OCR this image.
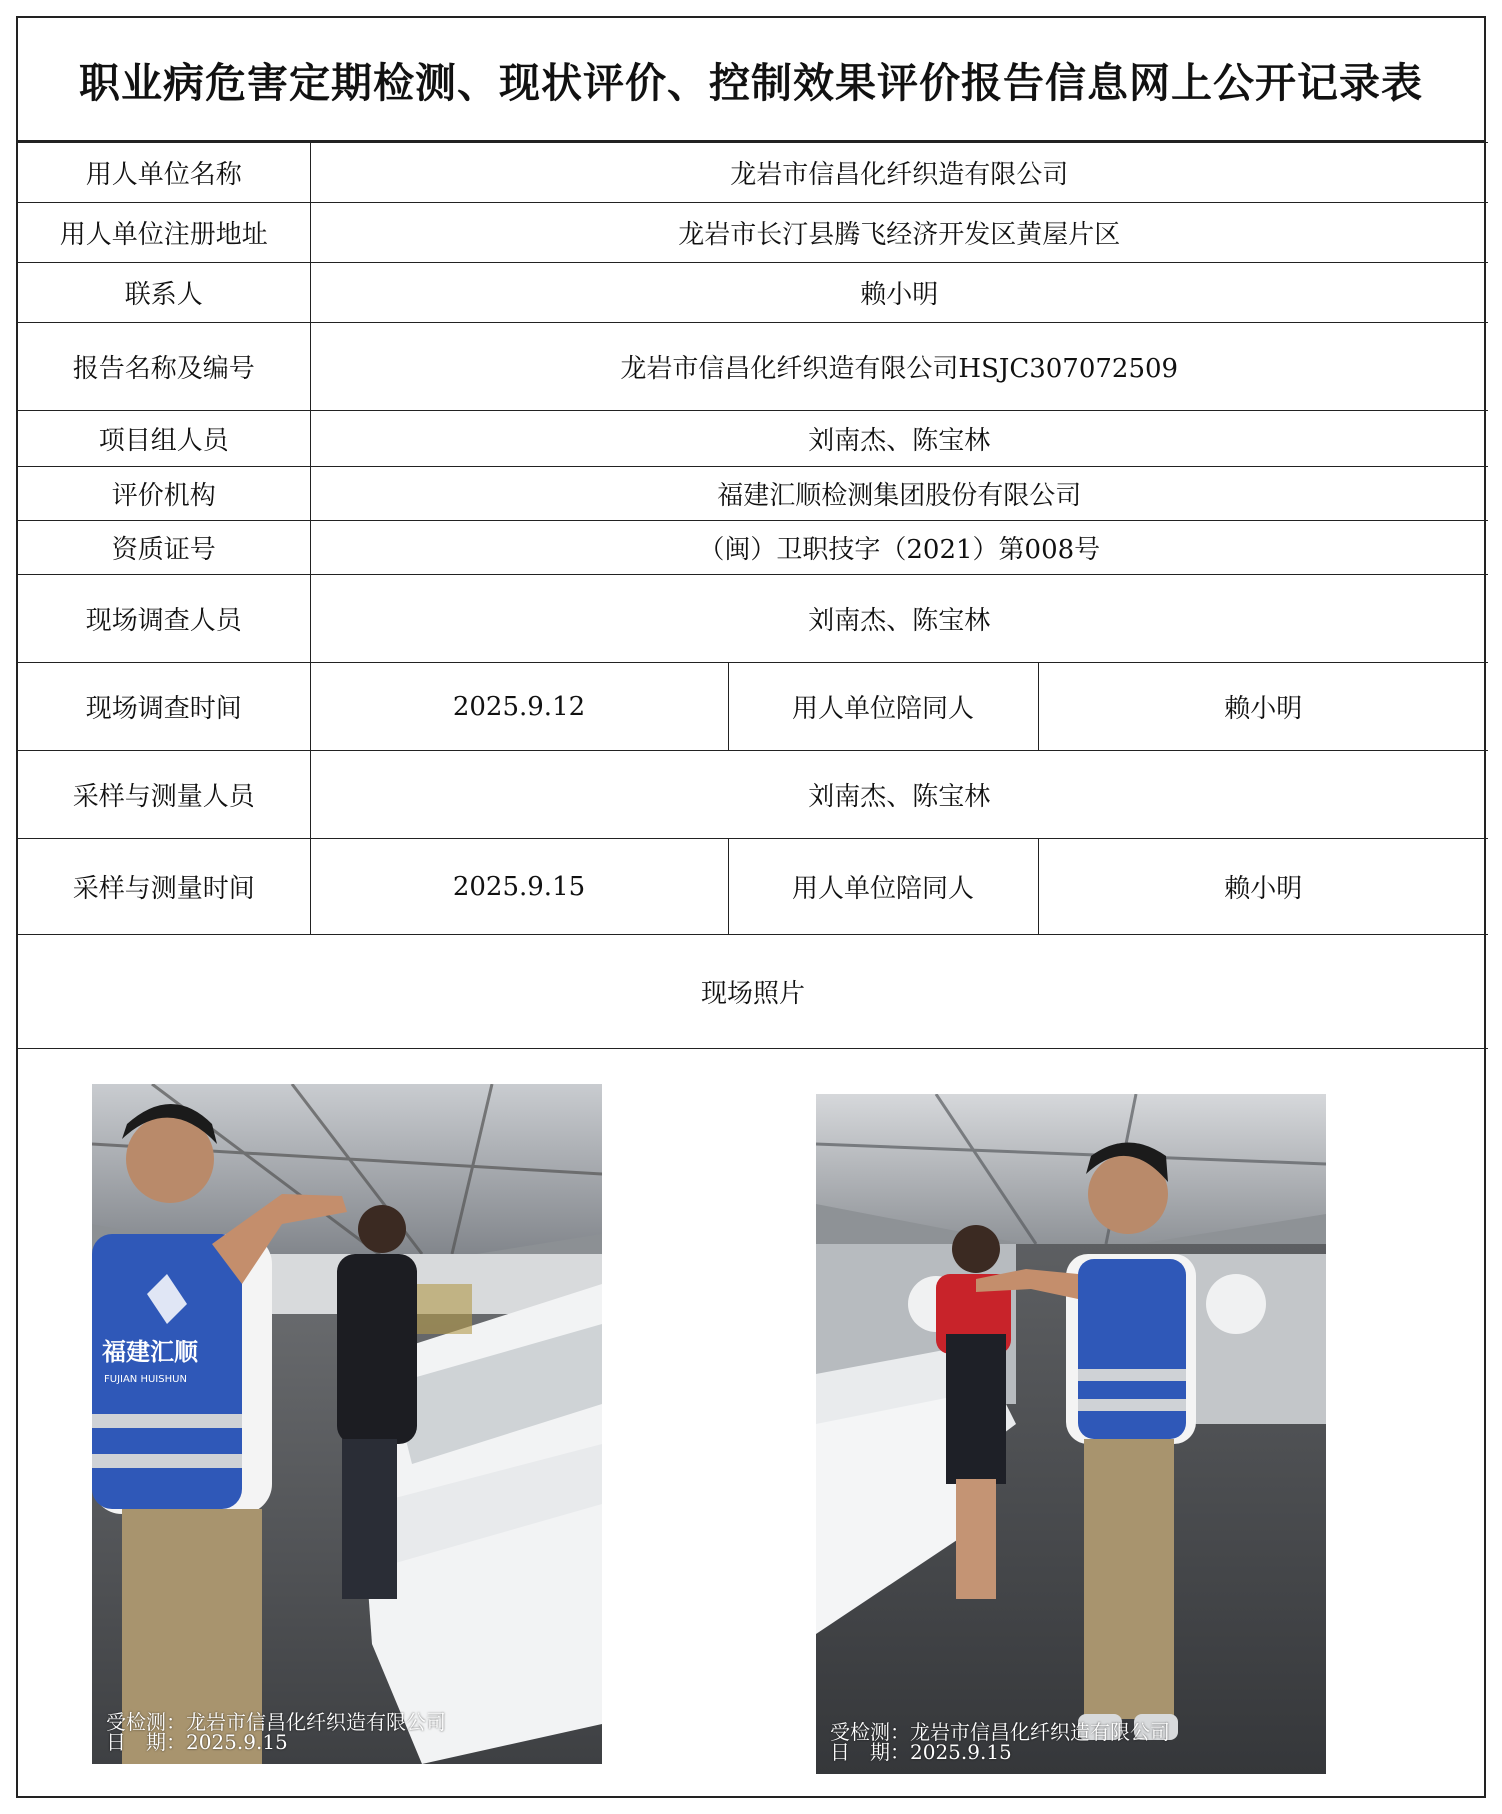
职业病危害定期检测、现状评价、控制效果评价报告信息网上公开记录表
用人单位名称	龙岩市信昌化纤织造有限公司		
用人单位注册地址	龙岩市长汀县腾飞经济开发区黄屋片区		
联系人	赖小明		
报告名称及编号	龙岩市信昌化纤织造有限公司HSJC307072509		
项目组人员	刘南杰、陈宝林		
评价机构	福建汇顺检测集团股份有限公司		
资质证号	（闽）卫职技字（2021）第008号		
现场调查人员	刘南杰、陈宝林		
现场调查时间	2025.9.12	用人单位陪同人	赖小明
采样与测量人员	刘南杰、陈宝林		
采样与测量时间	2025.9.15	用人单位陪同人	赖小明
现场照片			
福建汇顺
FUJIAN HUISHUN
受检测：龙岩市信昌化纤织造有限公司
日　期：2025.9.15	受检测：龙岩市信昌化纤织造有限公司
日　期：2025.9.15
